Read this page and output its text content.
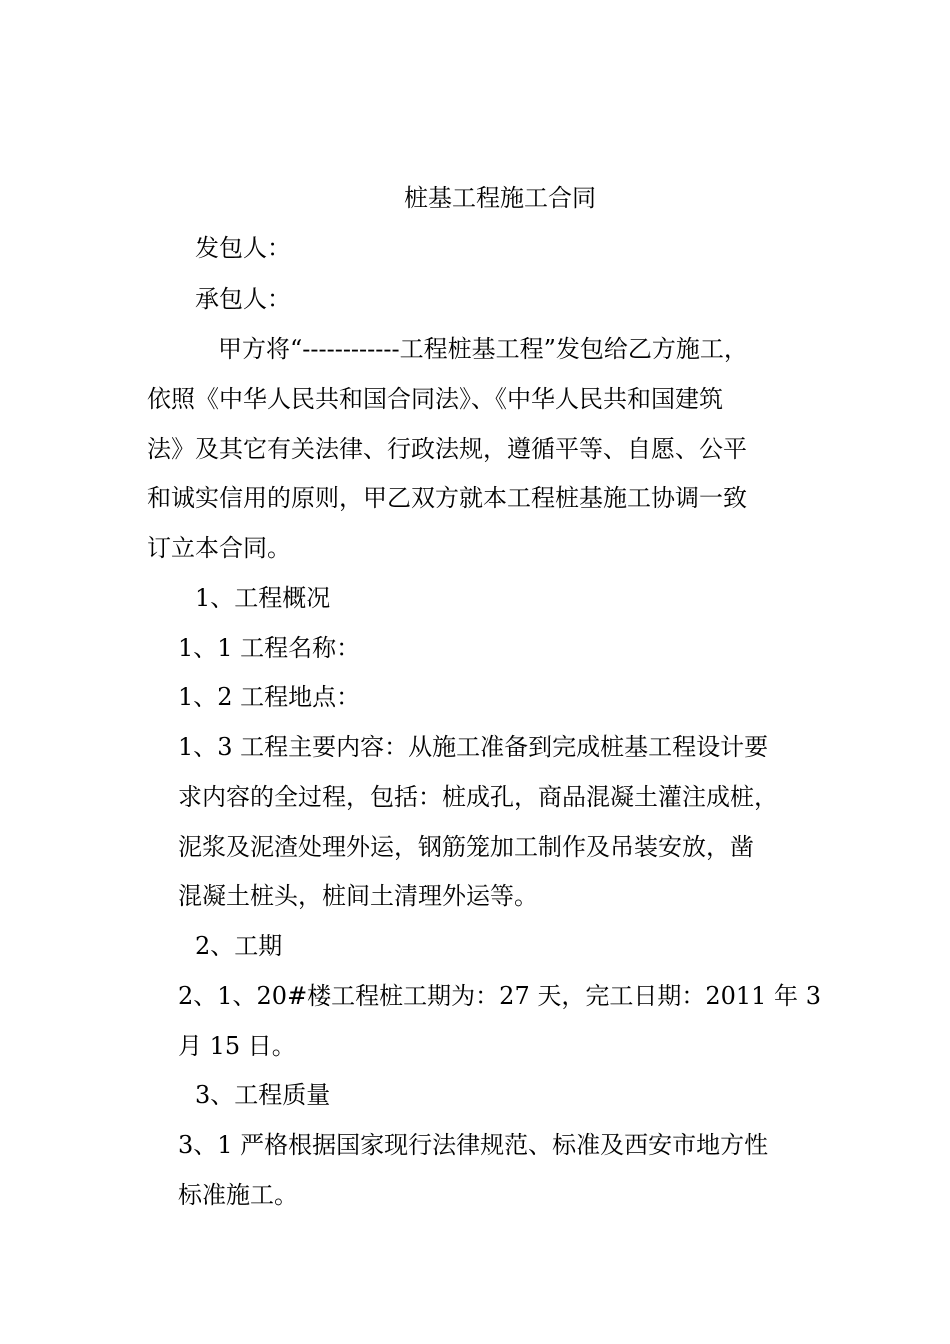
桩基工程施工合同
发包人：
承包人：
甲方将“------------工程桩基工程”发包给乙方施工，
依照《中华人民共和国合同法》、《中华人民共和国建筑
法》及其它有关法律、行政法规，遵循平等、自愿、公平
和诚实信用的原则，甲乙双方就本工程桩基施工协调一致
订立本合同。
1、工程概况
1、1 工程名称：
1、2 工程地点：
1、3 工程主要内容：从施工准备到完成桩基工程设计要
求内容的全过程，包括：桩成孔，商品混凝土灌注成桩，
泥浆及泥渣处理外运，钢筋笼加工制作及吊装安放，凿
混凝土桩头，桩间土清理外运等。
2、工期
2、1、20#楼工程桩工期为：27 天，完工日期：2011 年 3
月 15 日。
3、工程质量
3、1 严格根据国家现行法律规范、标准及西安市地方性
标准施工。
